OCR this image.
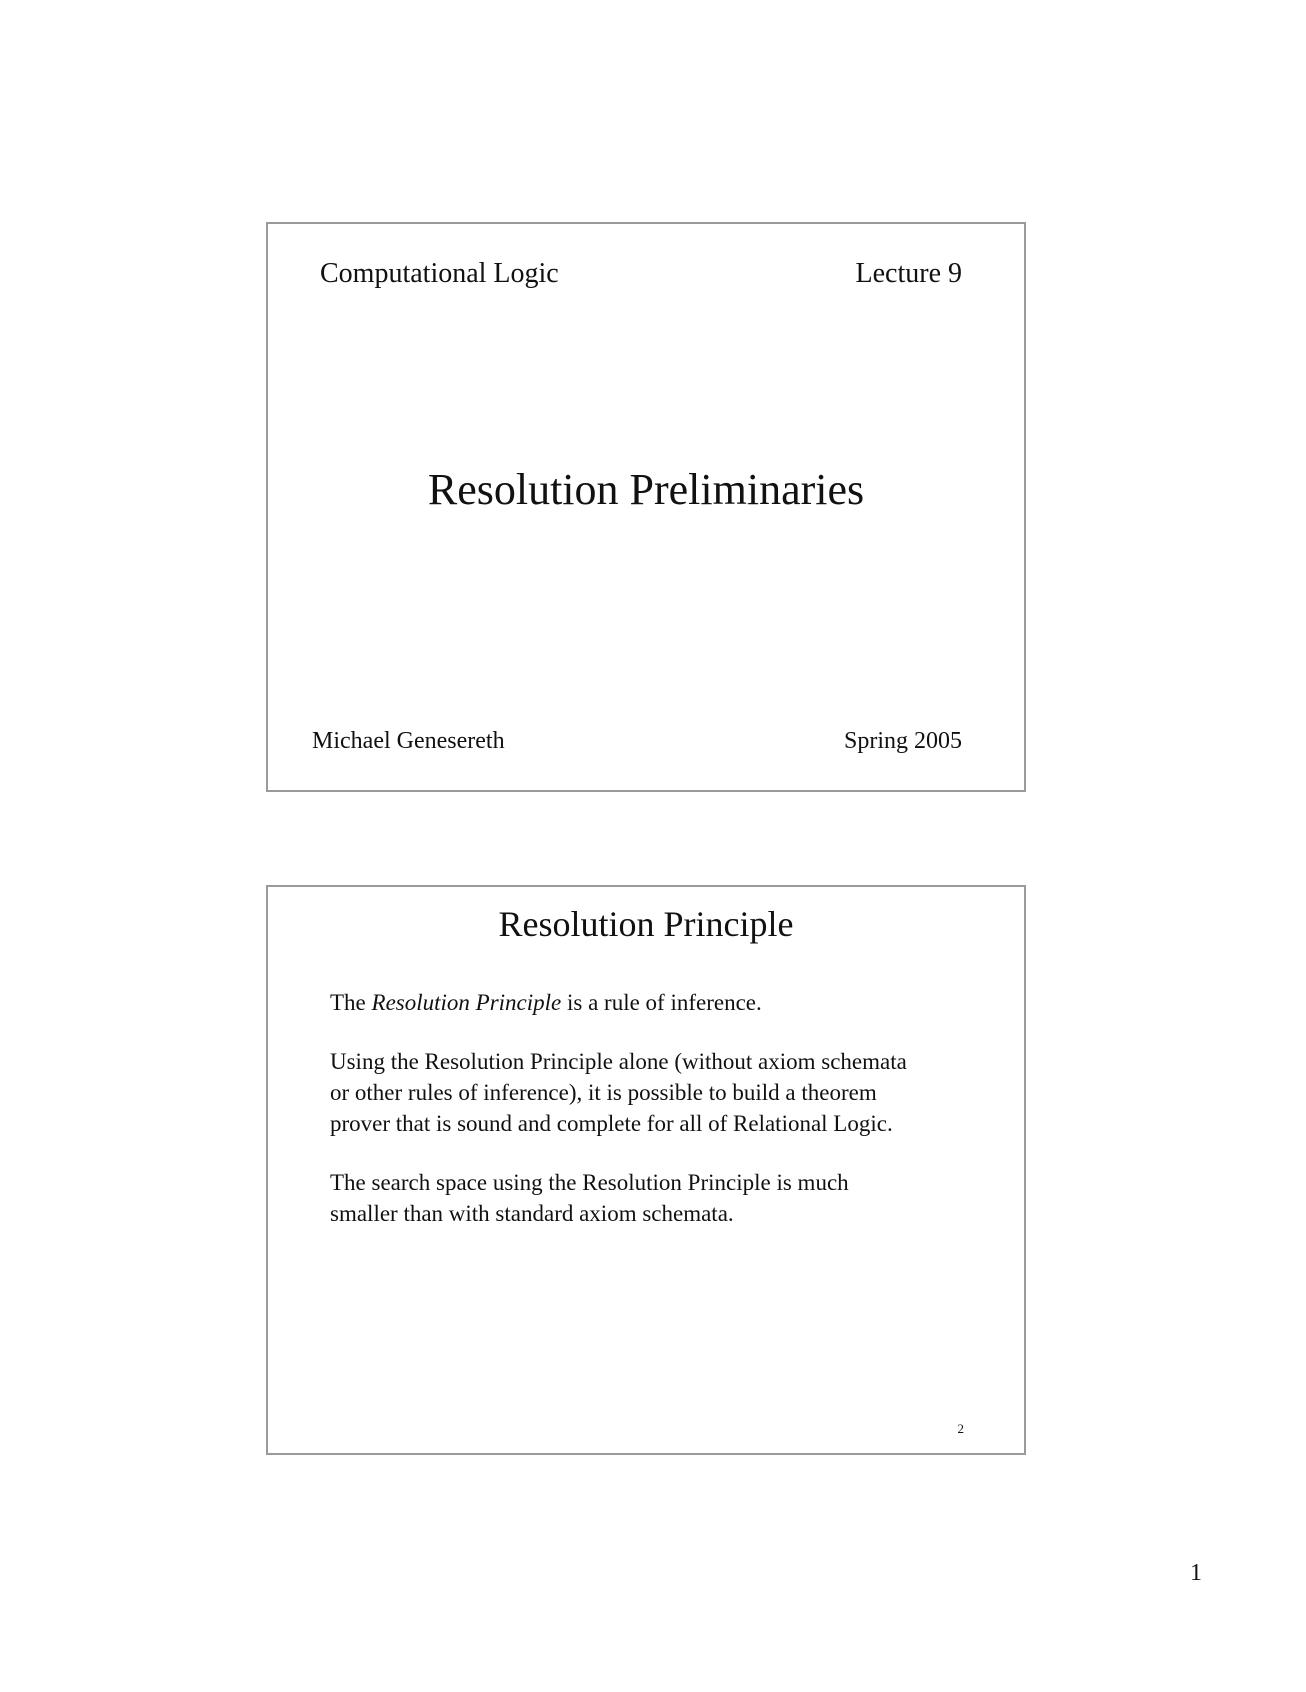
Computational Logic	Lecture 9
Resolution Preliminaries
Michael Genesereth	Spring 2005
Resolution Principle

The Resolution Principle is a rule of inference.

Using the Resolution Principle alone (without axiom schemata
or other rules of inference), it is possible to build a theorem
prover that is sound and complete for all of Relational Logic.

The search space using the Resolution Principle is much
smaller than with standard axiom schemata.

2
1
